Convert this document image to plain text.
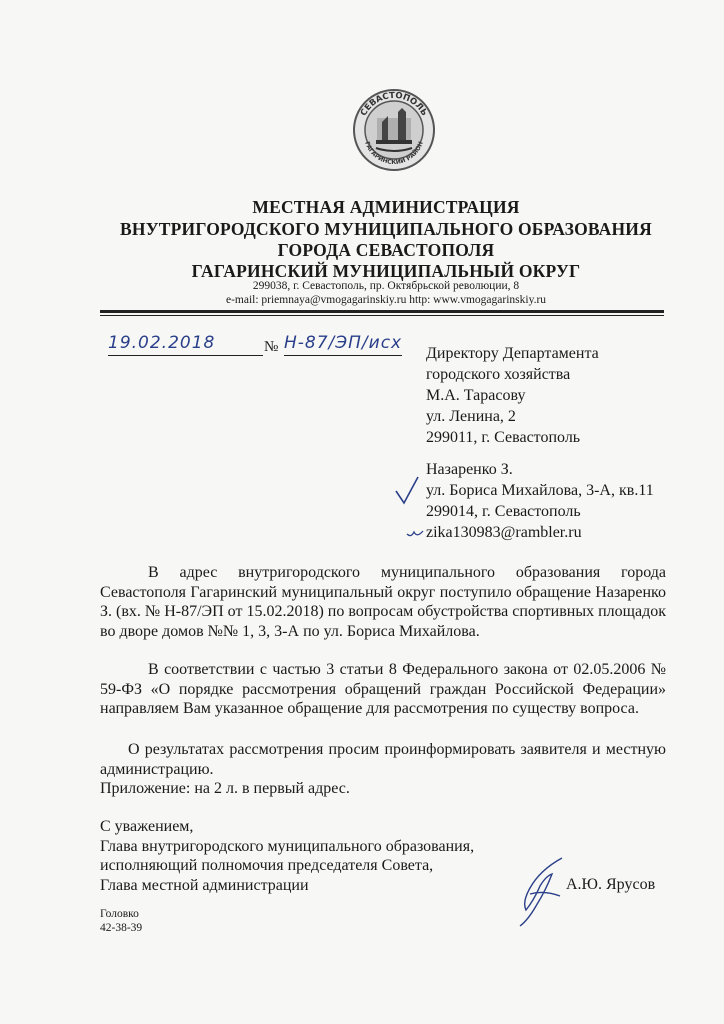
СЕВАСТОПОЛЬ
ГАГАРИНСКИЙ РАЙОН
МЕСТНАЯ АДМИНИСТРАЦИЯ
ВНУТРИГОРОДСКОГО МУНИЦИПАЛЬНОГО ОБРАЗОВАНИЯ
ГОРОДА СЕВАСТОПОЛЯ
ГАГАРИНСКИЙ МУНИЦИПАЛЬНЫЙ ОКРУГ
299038, г. Севастополь, пр. Октябрьской революции, 8
e-mail: priemnaya@vmogagarinskiy.ru http: www.vmogagarinskiy.ru
19.02.2018	№ Н-87/ЭП/исх
Директору Департамента
городского хозяйства
М.А. Тарасову
ул. Ленина, 2
299011, г. Севастополь
Назаренко З.
ул. Бориса Михайлова, 3-А, кв.11
299014, г. Севастополь
zika130983@rambler.ru
В адрес внутригородского муниципального образования города Севастополя Гагаринский муниципальный округ поступило обращение Назаренко З. (вх. № Н-87/ЭП от 15.02.2018) по вопросам обустройства спортивных площадок во дворе домов №№ 1, 3, 3-А по ул. Бориса Михайлова.
В соответствии с частью 3 статьи 8 Федерального закона от 02.05.2006 № 59-ФЗ «О порядке рассмотрения обращений граждан Российской Федерации» направляем Вам указанное обращение для рассмотрения по существу вопроса.
О результатах рассмотрения просим проинформировать заявителя и местную администрацию.
Приложение: на 2 л. в первый адрес.
С уважением,
Глава внутригородского муниципального образования,
исполняющий полномочия председателя Совета,
Глава местной администрации	А.Ю. Ярусов
Головко
42-38-39
